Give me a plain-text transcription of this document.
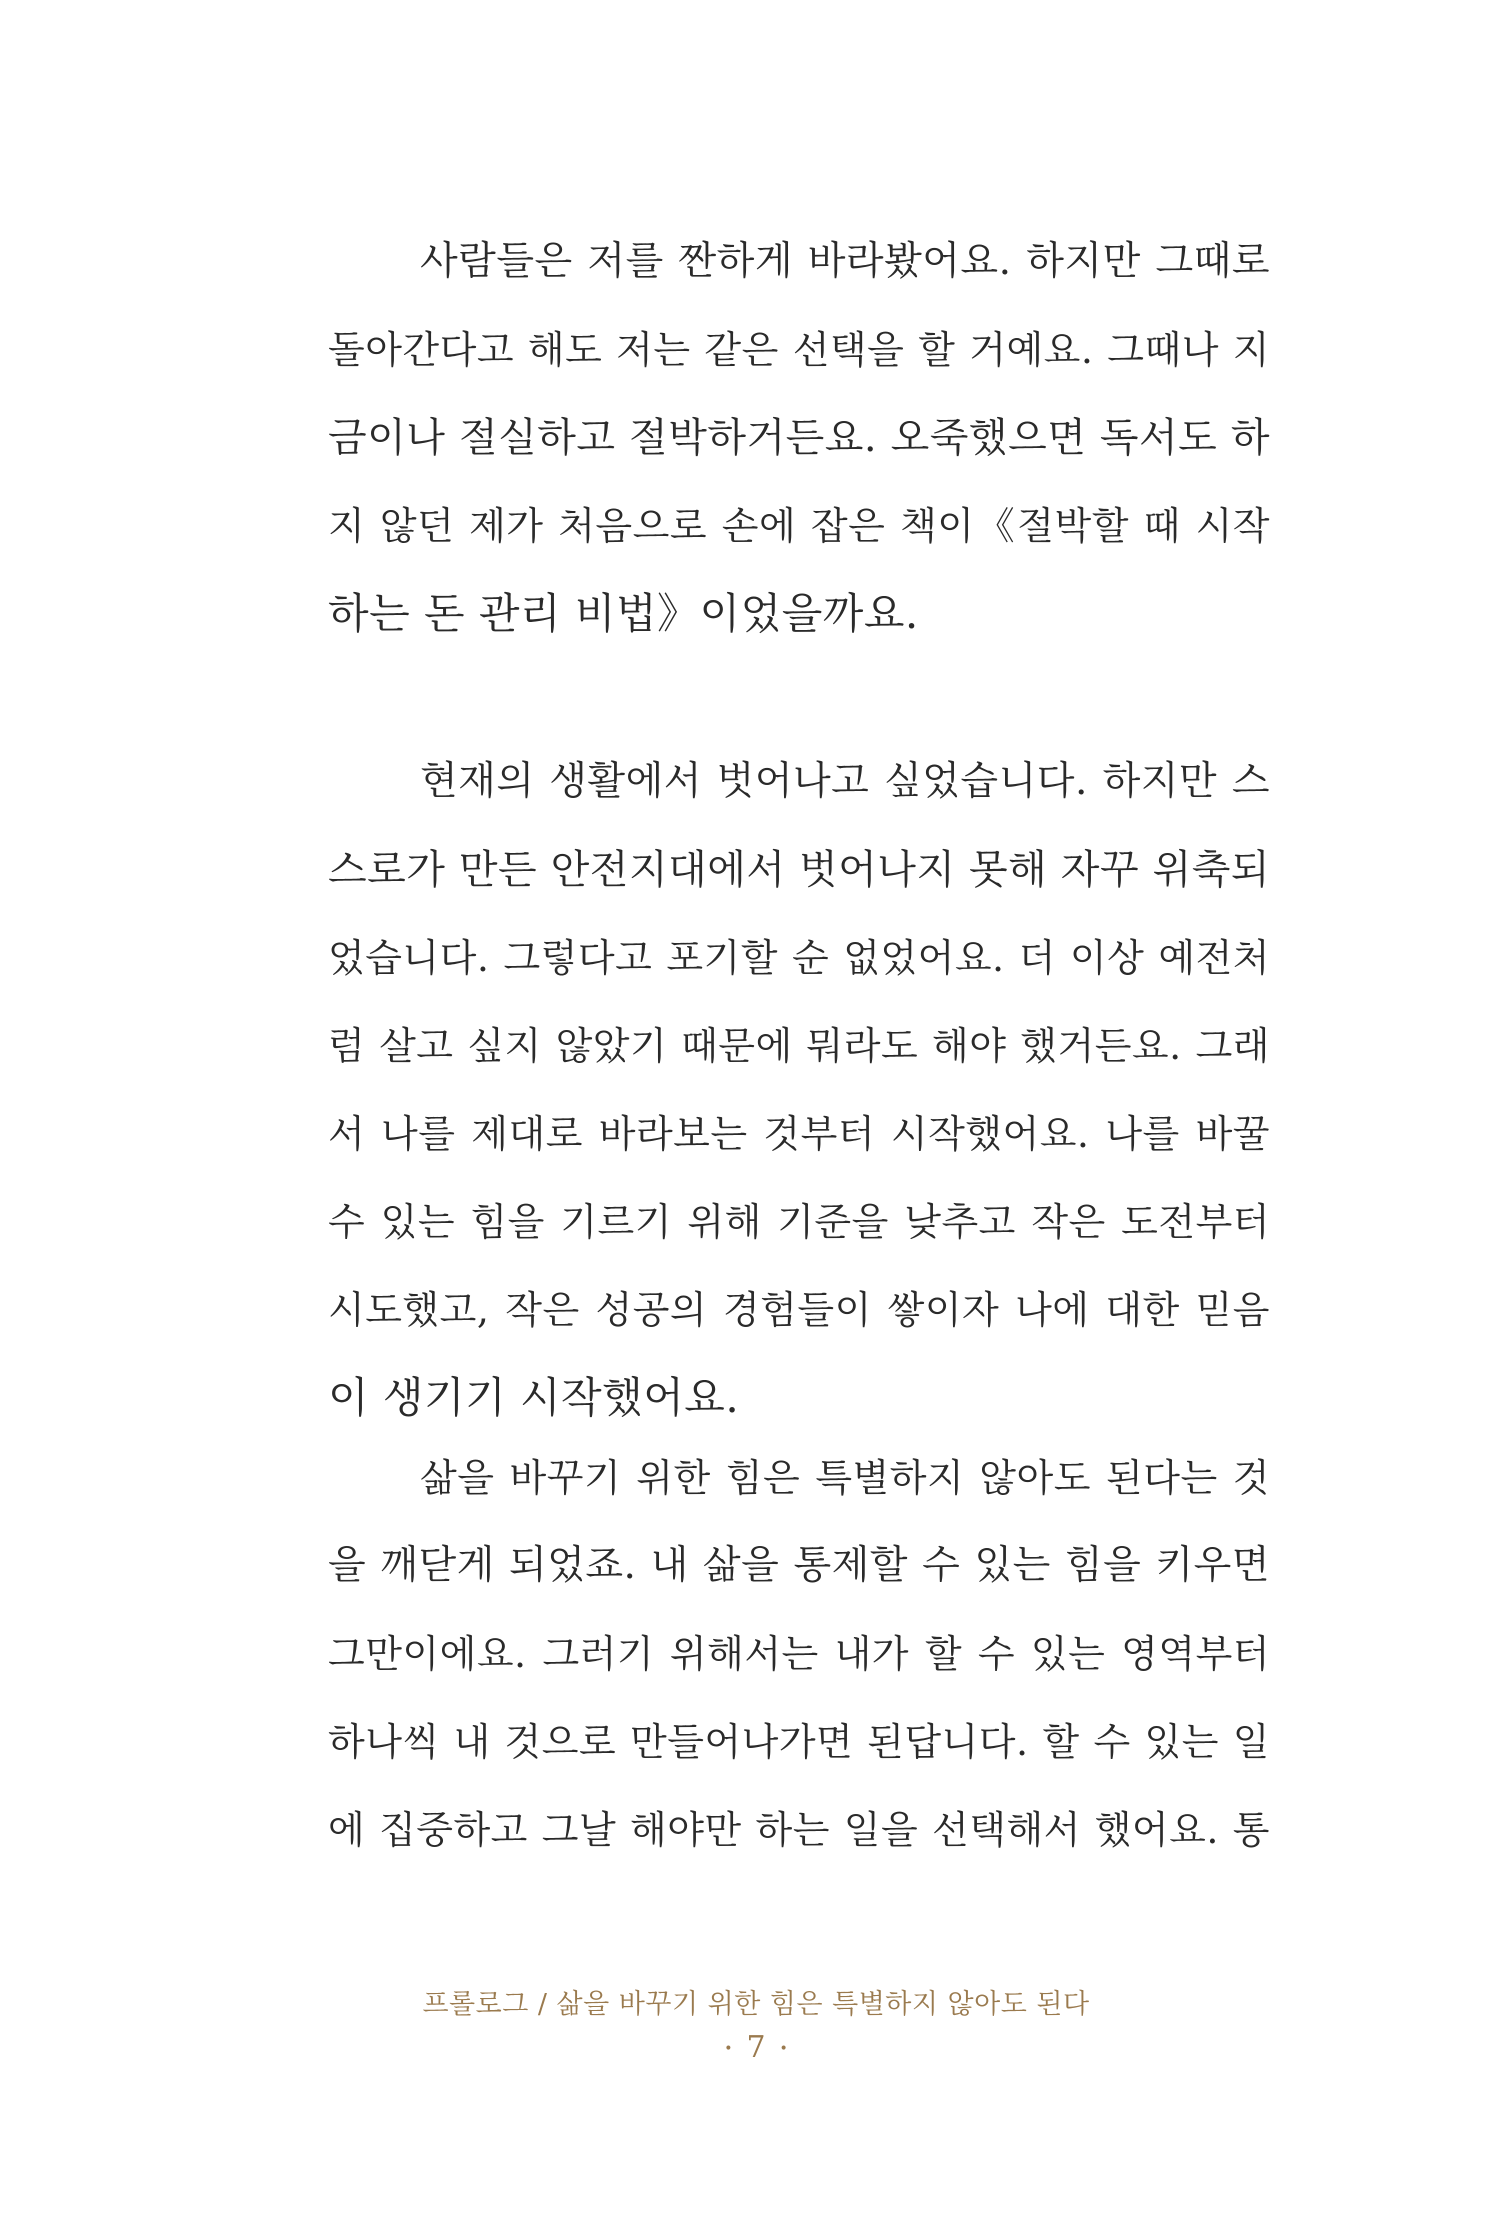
사람들은 저를 짠하게 바라봤어요. 하지만 그때로
돌아간다고 해도 저는 같은 선택을 할 거예요. 그때나 지
금이나 절실하고 절박하거든요. 오죽했으면 독서도 하
지 않던 제가 처음으로 손에 잡은 책이《절박할 때 시작
하는 돈 관리 비법》이었을까요.
현재의 생활에서 벗어나고 싶었습니다. 하지만 스
스로가 만든 안전지대에서 벗어나지 못해 자꾸 위축되
었습니다. 그렇다고 포기할 순 없었어요. 더 이상 예전처
럼 살고 싶지 않았기 때문에 뭐라도 해야 했거든요. 그래
서 나를 제대로 바라보는 것부터 시작했어요. 나를 바꿀
수 있는 힘을 기르기 위해 기준을 낮추고 작은 도전부터
시도했고, 작은 성공의 경험들이 쌓이자 나에 대한 믿음
이 생기기 시작했어요.
삶을 바꾸기 위한 힘은 특별하지 않아도 된다는 것
을 깨닫게 되었죠. 내 삶을 통제할 수 있는 힘을 키우면
그만이에요. 그러기 위해서는 내가 할 수 있는 영역부터
하나씩 내 것으로 만들어나가면 된답니다. 할 수 있는 일
에 집중하고 그날 해야만 하는 일을 선택해서 했어요. 통
프롤로그 / 삶을 바꾸기 위한 힘은 특별하지 않아도 된다
• 7 •
